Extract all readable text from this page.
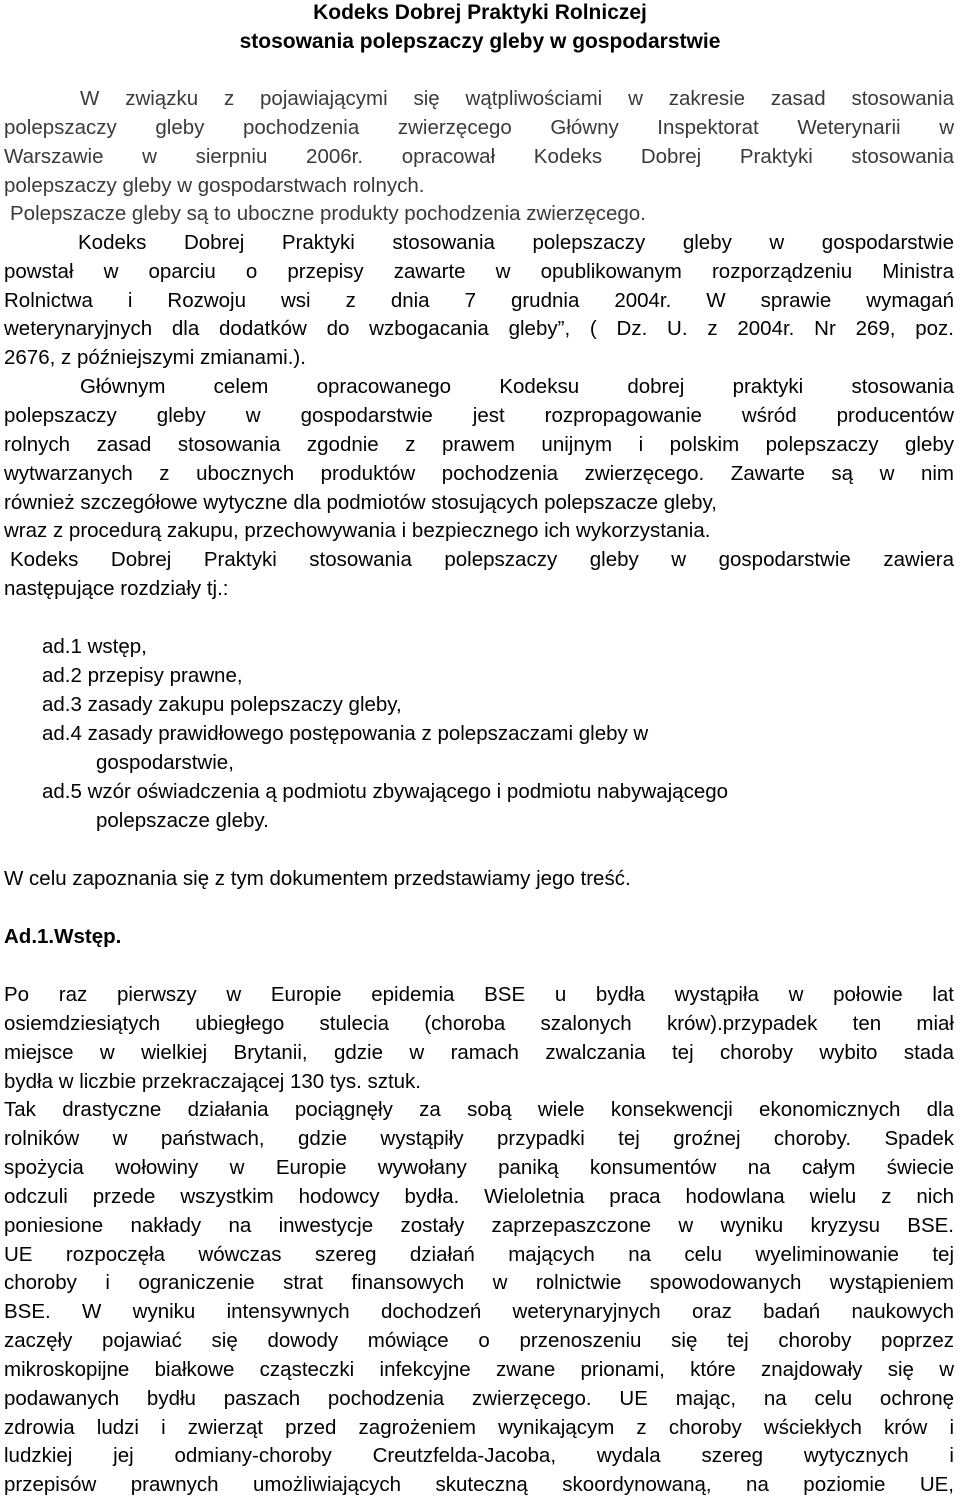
Kodeks Dobrej Praktyki Rolniczej
stosowania polepszaczy gleby w gospodarstwie
W związku z pojawiającymi się wątpliwościami w zakresie zasad stosowania
polepszaczy gleby pochodzenia zwierzęcego Główny Inspektorat Weterynarii w
Warszawie w sierpniu 2006r. opracował Kodeks Dobrej Praktyki stosowania
polepszaczy gleby w gospodarstwach rolnych.
Polepszacze gleby są to uboczne produkty pochodzenia zwierzęcego.
Kodeks Dobrej Praktyki stosowania polepszaczy gleby w gospodarstwie
powstał w oparciu o przepisy zawarte w opublikowanym rozporządzeniu Ministra
Rolnictwa i Rozwoju wsi z dnia 7 grudnia 2004r. W sprawie wymagań
weterynaryjnych dla dodatków do wzbogacania gleby”, ( Dz. U. z 2004r. Nr 269, poz.
2676, z późniejszymi zmianami.).
Głównym celem opracowanego Kodeksu dobrej praktyki stosowania
polepszaczy gleby w gospodarstwie jest rozpropagowanie wśród producentów
rolnych zasad stosowania zgodnie z prawem unijnym i polskim polepszaczy gleby
wytwarzanych z ubocznych produktów pochodzenia zwierzęcego. Zawarte są w nim
również szczegółowe wytyczne dla podmiotów stosujących polepszacze gleby,
wraz z procedurą zakupu, przechowywania i bezpiecznego ich wykorzystania.
Kodeks Dobrej Praktyki stosowania polepszaczy gleby w gospodarstwie zawiera
następujące rozdziały tj.:
ad.1 wstęp,
ad.2 przepisy prawne,
ad.3 zasady zakupu polepszaczy gleby,
ad.4 zasady prawidłowego postępowania z polepszaczami gleby w
gospodarstwie,
ad.5 wzór oświadczenia ą podmiotu zbywającego i podmiotu nabywającego
polepszacze gleby.
W celu zapoznania się z tym dokumentem przedstawiamy jego treść.
Ad.1.Wstęp.
Po raz pierwszy w Europie epidemia BSE u bydła wystąpiła w połowie lat
osiemdziesiątych ubiegłego stulecia (choroba szalonych krów).przypadek ten miał
miejsce w wielkiej Brytanii, gdzie w ramach zwalczania tej choroby wybito stada
bydła w liczbie przekraczającej 130 tys. sztuk.
Tak drastyczne działania pociągnęły za sobą wiele konsekwencji ekonomicznych dla
rolników w państwach, gdzie wystąpiły przypadki tej groźnej choroby. Spadek
spożycia wołowiny w Europie wywołany paniką konsumentów na całym świecie
odczuli przede wszystkim hodowcy bydła. Wieloletnia praca hodowlana wielu z nich
poniesione nakłady na inwestycje zostały zaprzepaszczone w wyniku kryzysu BSE.
UE rozpoczęła wówczas szereg działań mających na celu wyeliminowanie tej
choroby i ograniczenie strat finansowych w rolnictwie spowodowanych wystąpieniem
BSE. W wyniku intensywnych dochodzeń weterynaryjnych oraz badań naukowych
zaczęły pojawiać się dowody mówiące o przenoszeniu się tej choroby poprzez
mikroskopijne białkowe cząsteczki infekcyjne zwane prionami, które znajdowały się w
podawanych bydłu paszach pochodzenia zwierzęcego. UE mając, na celu ochronę
zdrowia ludzi i zwierząt przed zagrożeniem wynikającym z choroby wściekłych krów i
ludzkiej jej odmiany-choroby Creutzfelda-Jacoba, wydala szereg wytycznych i
przepisów prawnych umożliwiających skuteczną skoordynowaną, na poziomie UE,
